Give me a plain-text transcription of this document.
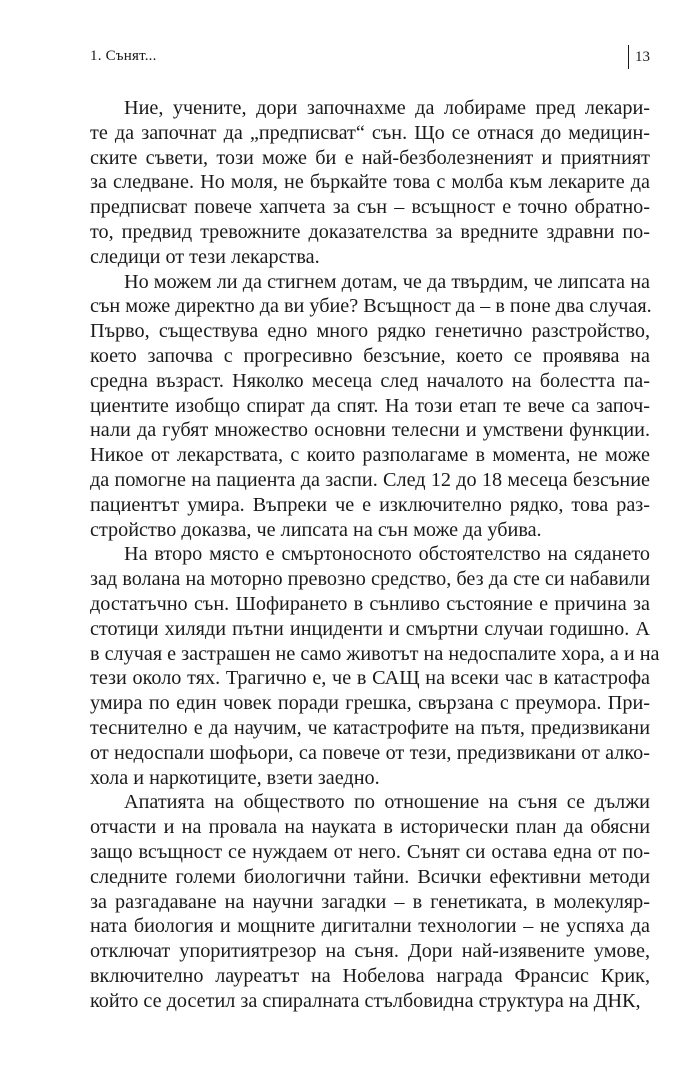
1. Сънят...	13
Ние, учените, дори започнахме да лобираме пред лекари-
те да започнат да „предписват“ сън. Що се отнася до медицин-
ските съвети, този може би е най-безболезненият и приятният
за следване. Но моля, не бъркайте това с молба към лекарите да
предписват повече хапчета за сън – всъщност е точно обратно-
то, предвид тревожните доказателства за вредните здравни по-
следици от тези лекарства.
Но можем ли да стигнем дотам, че да твърдим, че липсата на
сън може директно да ви убие? Всъщност да – в поне два случая.
Първо, съществува едно много рядко генетично разстройство,
което започва с прогресивно безсъние, което се проявява на
средна възраст. Няколко месеца след началото на болестта па-
циентите изобщо спират да спят. На този етап те вече са започ-
нали да губят множество основни телесни и умствени функции.
Никое от лекарствата, с които разполагаме в момента, не може
да помогне на пациента да заспи. След 12 до 18 месеца безсъние
пациентът умира. Въпреки че е изключително рядко, това раз-
стройство доказва, че липсата на сън може да убива.
На второ място е смъртоносното обстоятелство на сядането
зад волана на моторно превозно средство, без да сте си набавили
достатъчно сън. Шофирането в сънливо състояние е причина за
стотици хиляди пътни инциденти и смъртни случаи годишно. А
в случая е застрашен не само животът на недоспалите хора, а и на
тези около тях. Трагично е, че в САЩ на всеки час в катастрофа
умира по един човек поради грешка, свързана с преумора. При-
теснително е да научим, че катастрофите на пътя, предизвикани
от недоспали шофьори, са повече от тези, предизвикани от алко-
хола и наркотиците, взети заедно.
Апатията на обществото по отношение на съня се дължи
отчасти и на провала на науката в исторически план да обясни
защо всъщност се нуждаем от него. Сънят си остава една от по-
следните големи биологични тайни. Всички ефективни методи
за разгадаване на научни загадки – в генетиката, в молекуляр-
ната биология и мощните дигитални технологии – не успяха да
отключат упоритиятрезор на съня. Дори най-изявените умове,
включително лауреатът на Нобелова награда Франсис Крик,
който се досетил за спиралната стълбовидна структура на ДНК,
